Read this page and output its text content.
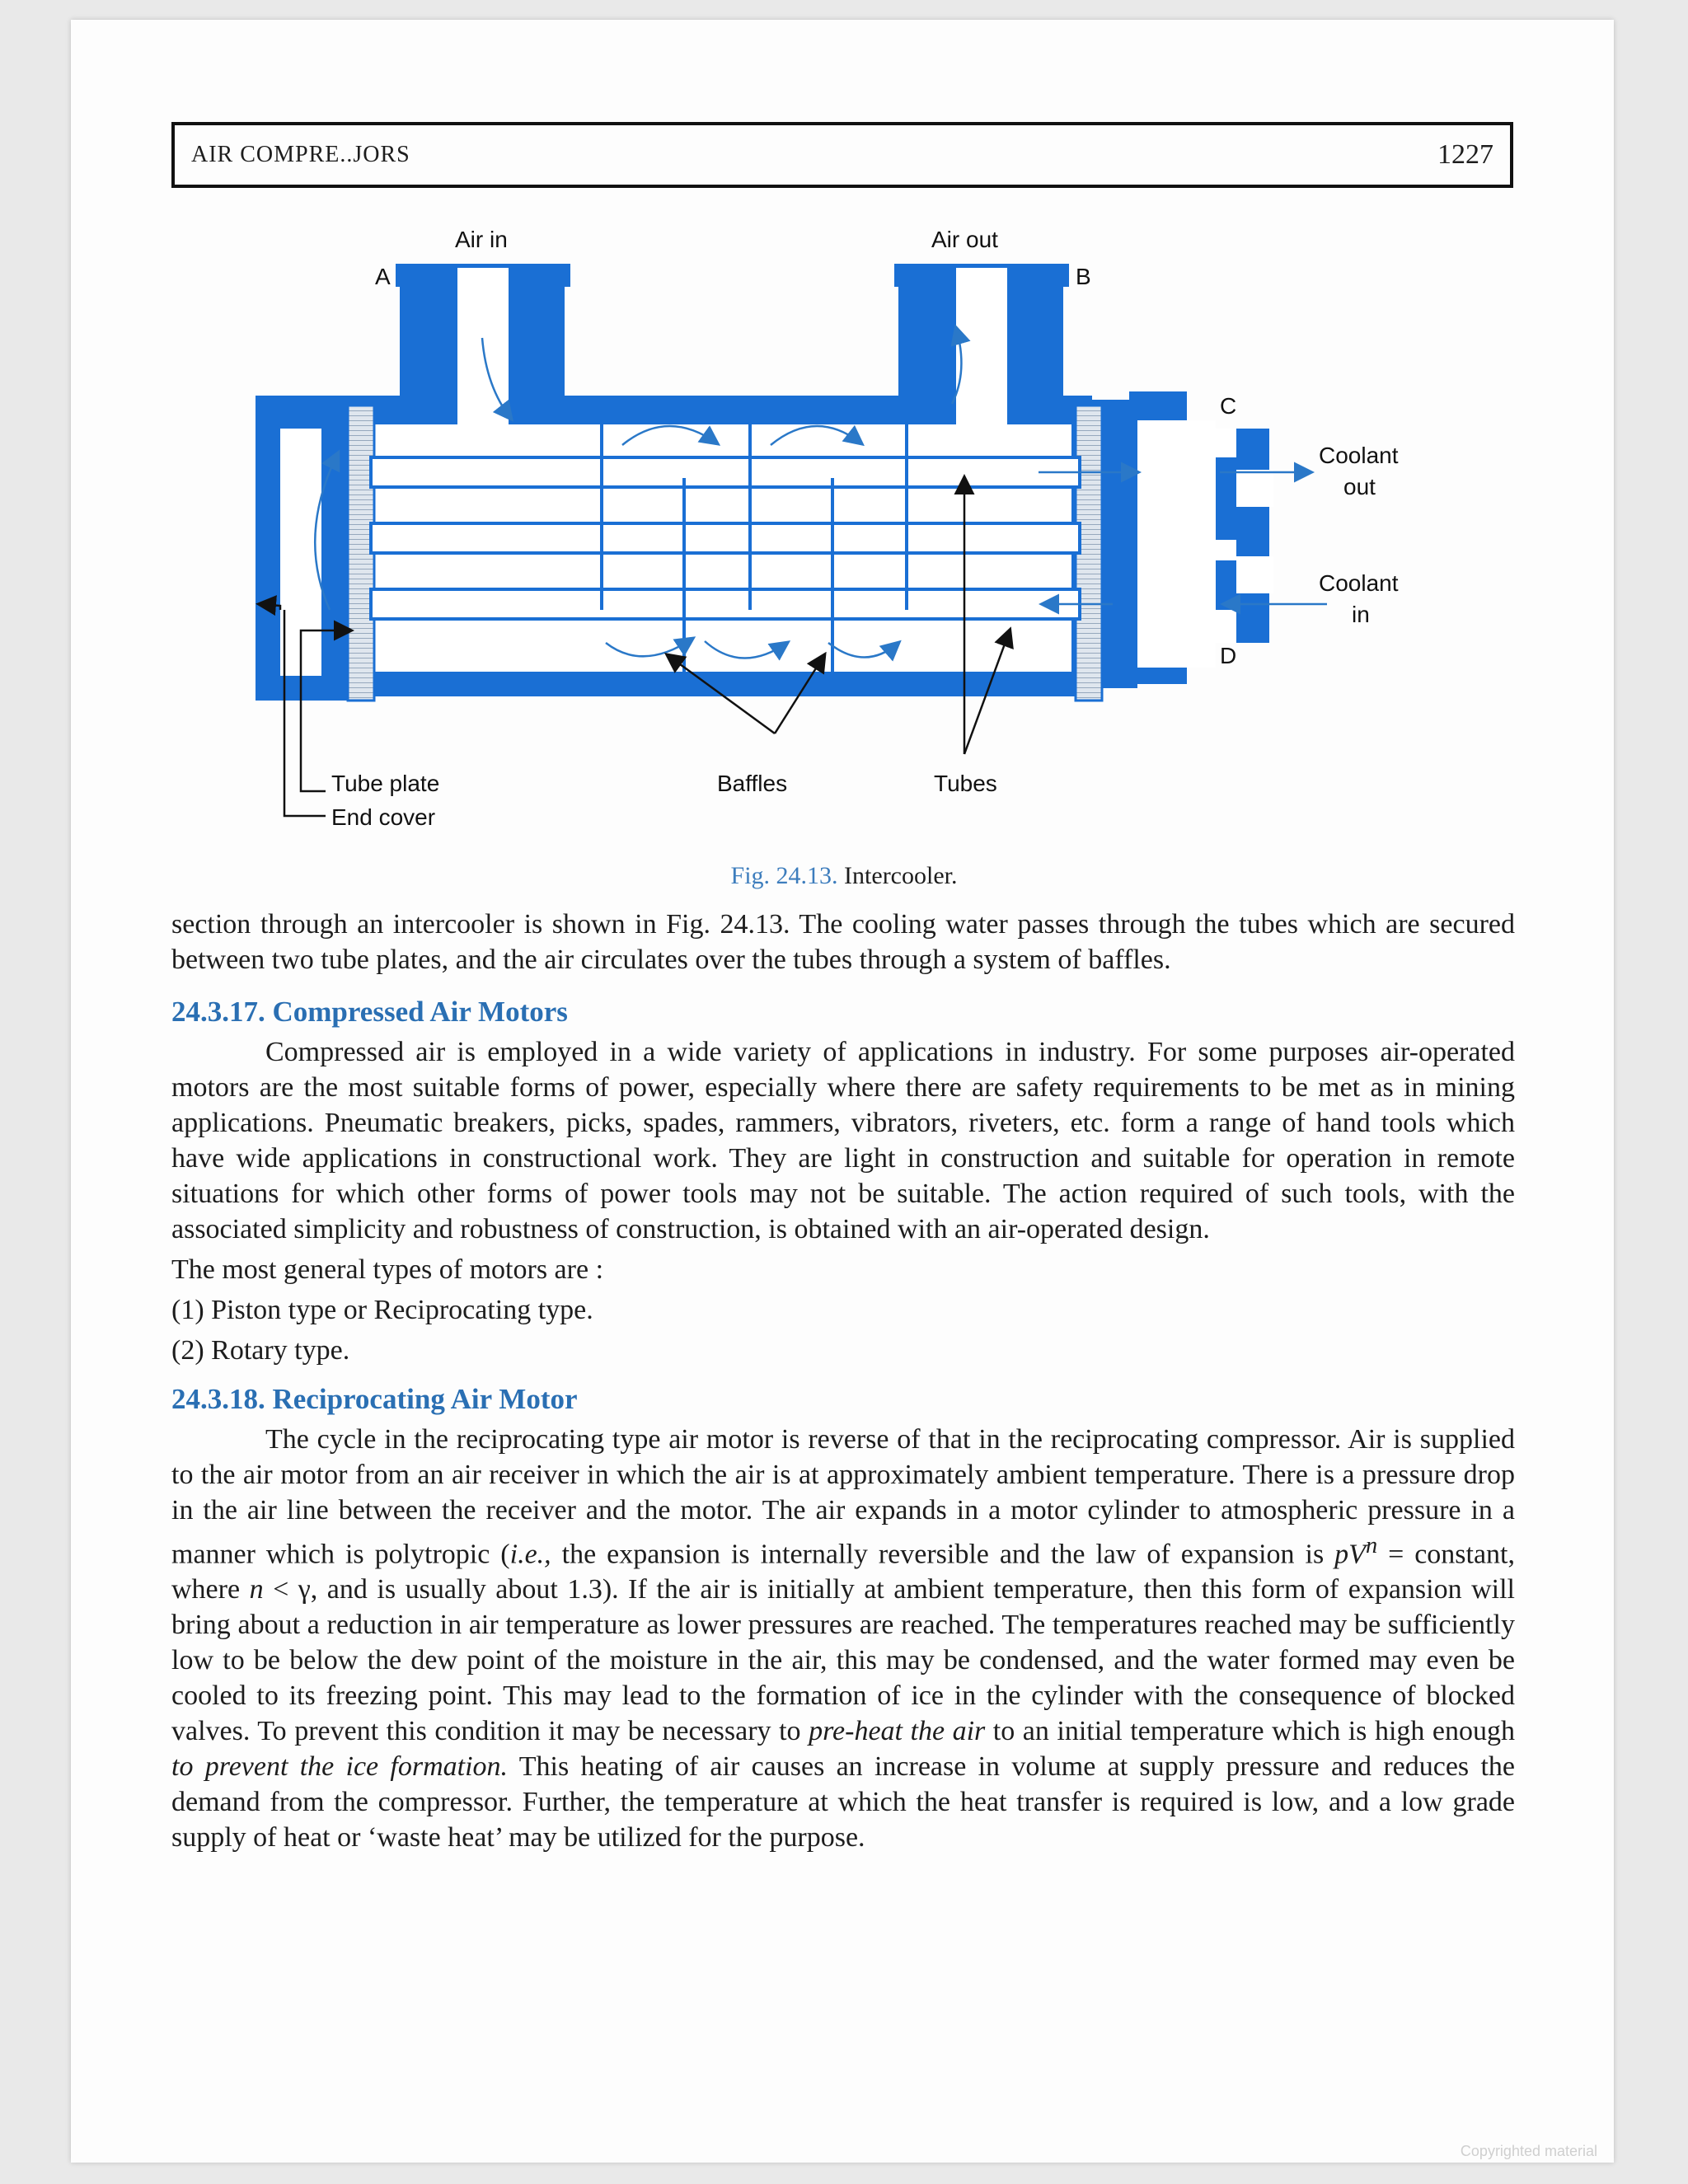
AIR COMPRE..JORS	1227
Air in	Air out
A	B
C
D
Coolant
out
Coolant
in
Tube plate
End cover
Baffles	Tubes
Fig. 24.13. Intercooler.

section through an intercooler is shown in Fig. 24.13. The cooling water passes through the tubes which are secured between two tube plates, and the air circulates over the tubes through a system of baffles.

24.3.17. Compressed Air Motors

Compressed air is employed in a wide variety of applications in industry. For some purposes air-operated motors are the most suitable forms of power, especially where there are safety requirements to be met as in mining applications. Pneumatic breakers, picks, spades, rammers, vibrators, riveters, etc. form a range of hand tools which have wide applications in constructional work. They are light in construction and suitable for operation in remote situations for which other forms of power tools may not be suitable. The action required of such tools, with the associated simplicity and robustness of construction, is obtained with an air-operated design.

The most general types of motors are :

(1) Piston type or Reciprocating type.

(2) Rotary type.

24.3.18. Reciprocating Air Motor

The cycle in the reciprocating type air motor is reverse of that in the reciprocating compressor. Air is supplied to the air motor from an air receiver in which the air is at approximately ambient temperature. There is a pressure drop in the air line between the receiver and the motor. The air expands in a motor cylinder to atmospheric pressure in a manner which is polytropic (i.e., the expansion is internally reversible and the law of expansion is $pV^n$ = constant, where n < γ, and is usually about 1.3). If the air is initially at ambient temperature, then this form of expansion will bring about a reduction in air temperature as lower pressures are reached. The temperatures reached may be sufficiently low to be below the dew point of the moisture in the air, this may be condensed, and the water formed may even be cooled to its freezing point. This may lead to the formation of ice in the cylinder with the consequence of blocked valves. To prevent this condition it may be necessary to pre-heat the air to an initial temperature which is high enough to prevent the ice formation. This heating of air causes an increase in volume at supply pressure and reduces the demand from the compressor. Further, the temperature at which the heat transfer is required is low, and a low grade supply of heat or ‘waste heat’ may be utilized for the purpose.

Copyrighted material
